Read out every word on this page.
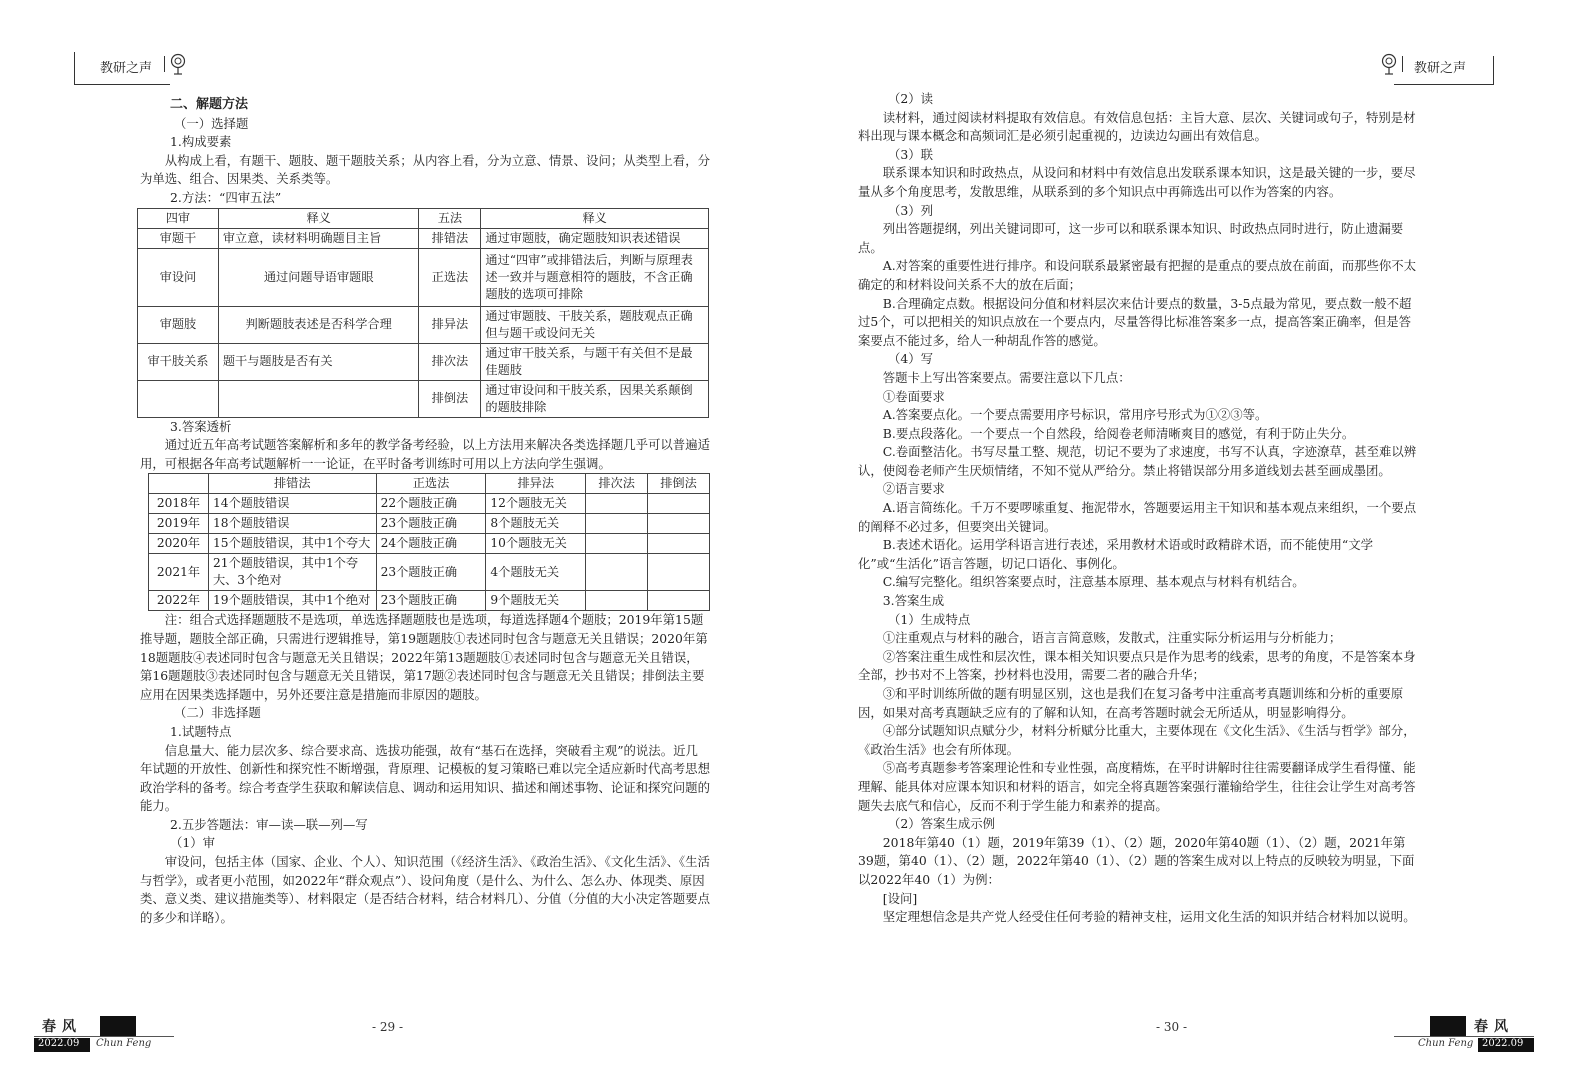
教研之声

二、解题方法

（一）选择题

1.构成要素

从构成上看，有题干、题肢、题干题肢关系；从内容上看，分为立意、情景、设问；从类型上看，分为单选、组合、因果类、关系类等。

2.方法：“四审五法”

四审	释义	五法	释义
审题干	审立意，读材料明确题目主旨	排错法	通过审题肢，确定题肢知识表述错误
审设问	通过问题导语审题眼	正选法	通过“四审”或排错法后，判断与原理表述一致并与题意相符的题肢，不含正确题肢的选项可排除
审题肢	判断题肢表述是否科学合理	排异法	通过审题肢、干肢关系，题肢观点正确但与题干或设问无关
审干肢关系	题干与题肢是否有关	排次法	通过审干肢关系，与题干有关但不是最佳题肢
		排倒法	通过审设问和干肢关系，因果关系颠倒的题肢排除

3.答案透析

通过近五年高考试题答案解析和多年的教学备考经验，以上方法用来解决各类选择题几乎可以普遍适用，可根据各年高考试题解析一一论证，在平时备考训练时可用以上方法向学生强调。

	排错法	正选法	排异法	排次法	排倒法
2018年	14个题肢错误	22个题肢正确	12个题肢无关		
2019年	18个题肢错误	23个题肢正确	8个题肢无关		
2020年	15个题肢错误，其中1个夸大	24个题肢正确	10个题肢无关		
2021年	21个题肢错误，其中1个夸大、3个绝对	23个题肢正确	4个题肢无关		
2022年	19个题肢错误，其中1个绝对	23个题肢正确	9个题肢无关		

注：组合式选择题题肢不是选项，单选选择题题肢也是选项，每道选择题4个题肢；2019年第15题推导题，题肢全部正确，只需进行逻辑推导，第19题题肢①表述同时包含与题意无关且错误；2020年第18题题肢④表述同时包含与题意无关且错误；2022年第13题题肢①表述同时包含与题意无关且错误，第16题题肢③表述同时包含与题意无关且错误，第17题②表述同时包含与题意无关且错误；排倒法主要应用在因果类选择题中，另外还要注意是措施而非原因的题肢。

（二）非选择题

1.试题特点

信息量大、能力层次多、综合要求高、选拔功能强，故有“基石在选择，突破看主观”的说法。近几年试题的开放性、创新性和探究性不断增强，背原理、记模板的复习策略已难以完全适应新时代高考思想政治学科的备考。综合考查学生获取和解读信息、调动和运用知识、描述和阐述事物、论证和探究问题的能力。

2.五步答题法：审—读—联—列—写

（1）审

审设问，包括主体（国家、企业、个人）、知识范围（《经济生活》、《政治生活》、《文化生活》、《生活与哲学》，或者更小范围，如2022年“群众观点”）、设问角度（是什么、为什么、怎么办、体现类、原因类、意义类、建议措施类等）、材料限定（是否结合材料，结合材料几）、分值（分值的大小决定答题要点的多少和详略）。

春风
2022.09 Chun Feng
- 29 -
教研之声

（2）读

读材料，通过阅读材料提取有效信息。有效信息包括：主旨大意、层次、关键词或句子，特别是材料出现与课本概念和高频词汇是必须引起重视的，边读边勾画出有效信息。

（3）联

联系课本知识和时政热点，从设问和材料中有效信息出发联系课本知识，这是最关键的一步，要尽量从多个角度思考，发散思维，从联系到的多个知识点中再筛选出可以作为答案的内容。

（3）列

列出答题提纲，列出关键词即可，这一步可以和联系课本知识、时政热点同时进行，防止遗漏要点。

A.对答案的重要性进行排序。和设问联系最紧密最有把握的是重点的要点放在前面，而那些你不太确定的和材料设问关系不大的放在后面；

B.合理确定点数。根据设问分值和材料层次来估计要点的数量，3-5点最为常见，要点数一般不超过5个，可以把相关的知识点放在一个要点内，尽量答得比标准答案多一点，提高答案正确率，但是答案要点不能过多，给人一种胡乱作答的感觉。

（4）写

答题卡上写出答案要点。需要注意以下几点：

①卷面要求

A.答案要点化。一个要点需要用序号标识，常用序号形式为①②③等。

B.要点段落化。一个要点一个自然段，给阅卷老师清晰爽目的感觉，有利于防止失分。

C.卷面整洁化。书写尽量工整、规范，切记不要为了求速度，书写不认真，字迹潦草，甚至难以辨认，使阅卷老师产生厌烦情绪，不知不觉从严给分。禁止将错误部分用多道线划去甚至画成墨团。

②语言要求

A.语言简练化。千万不要啰嗦重复、拖泥带水，答题要运用主干知识和基本观点来组织，一个要点的阐释不必过多，但要突出关键词。

B.表述术语化。运用学科语言进行表述，采用教材术语或时政精辟术语，而不能使用“文学化”或“生活化”语言答题，切记口语化、事例化。

C.编写完整化。组织答案要点时，注意基本原理、基本观点与材料有机结合。

3.答案生成

（1）生成特点

①注重观点与材料的融合，语言言简意赅，发散式，注重实际分析运用与分析能力；

②答案注重生成性和层次性，课本相关知识要点只是作为思考的线索，思考的角度，不是答案本身全部，抄书对不上答案，抄材料也没用，需要二者的融合升华；

③和平时训练所做的题有明显区别，这也是我们在复习备考中注重高考真题训练和分析的重要原因，如果对高考真题缺乏应有的了解和认知，在高考答题时就会无所适从，明显影响得分。

④部分试题知识点赋分少，材料分析赋分比重大，主要体现在《文化生活》、《生活与哲学》部分，《政治生活》也会有所体现。

⑤高考真题参考答案理论性和专业性强，高度精炼，在平时讲解时往往需要翻译成学生看得懂、能理解、能具体对应课本知识和材料的语言，如完全将真题答案强行灌输给学生，往往会让学生对高考答题失去底气和信心，反而不利于学生能力和素养的提高。

（2）答案生成示例

2018年第40（1）题，2019年第39（1）、（2）题，2020年第40题（1）、（2）题，2021年第39题，第40（1）、（2）题，2022年第40（1）、（2）题的答案生成对以上特点的反映较为明显，下面以2022年40（1）为例：

[设问]

坚定理想信念是共产党人经受住任何考验的精神支柱，运用文化生活的知识并结合材料加以说明。

- 30 -	春风
Chun Feng 2022.09
